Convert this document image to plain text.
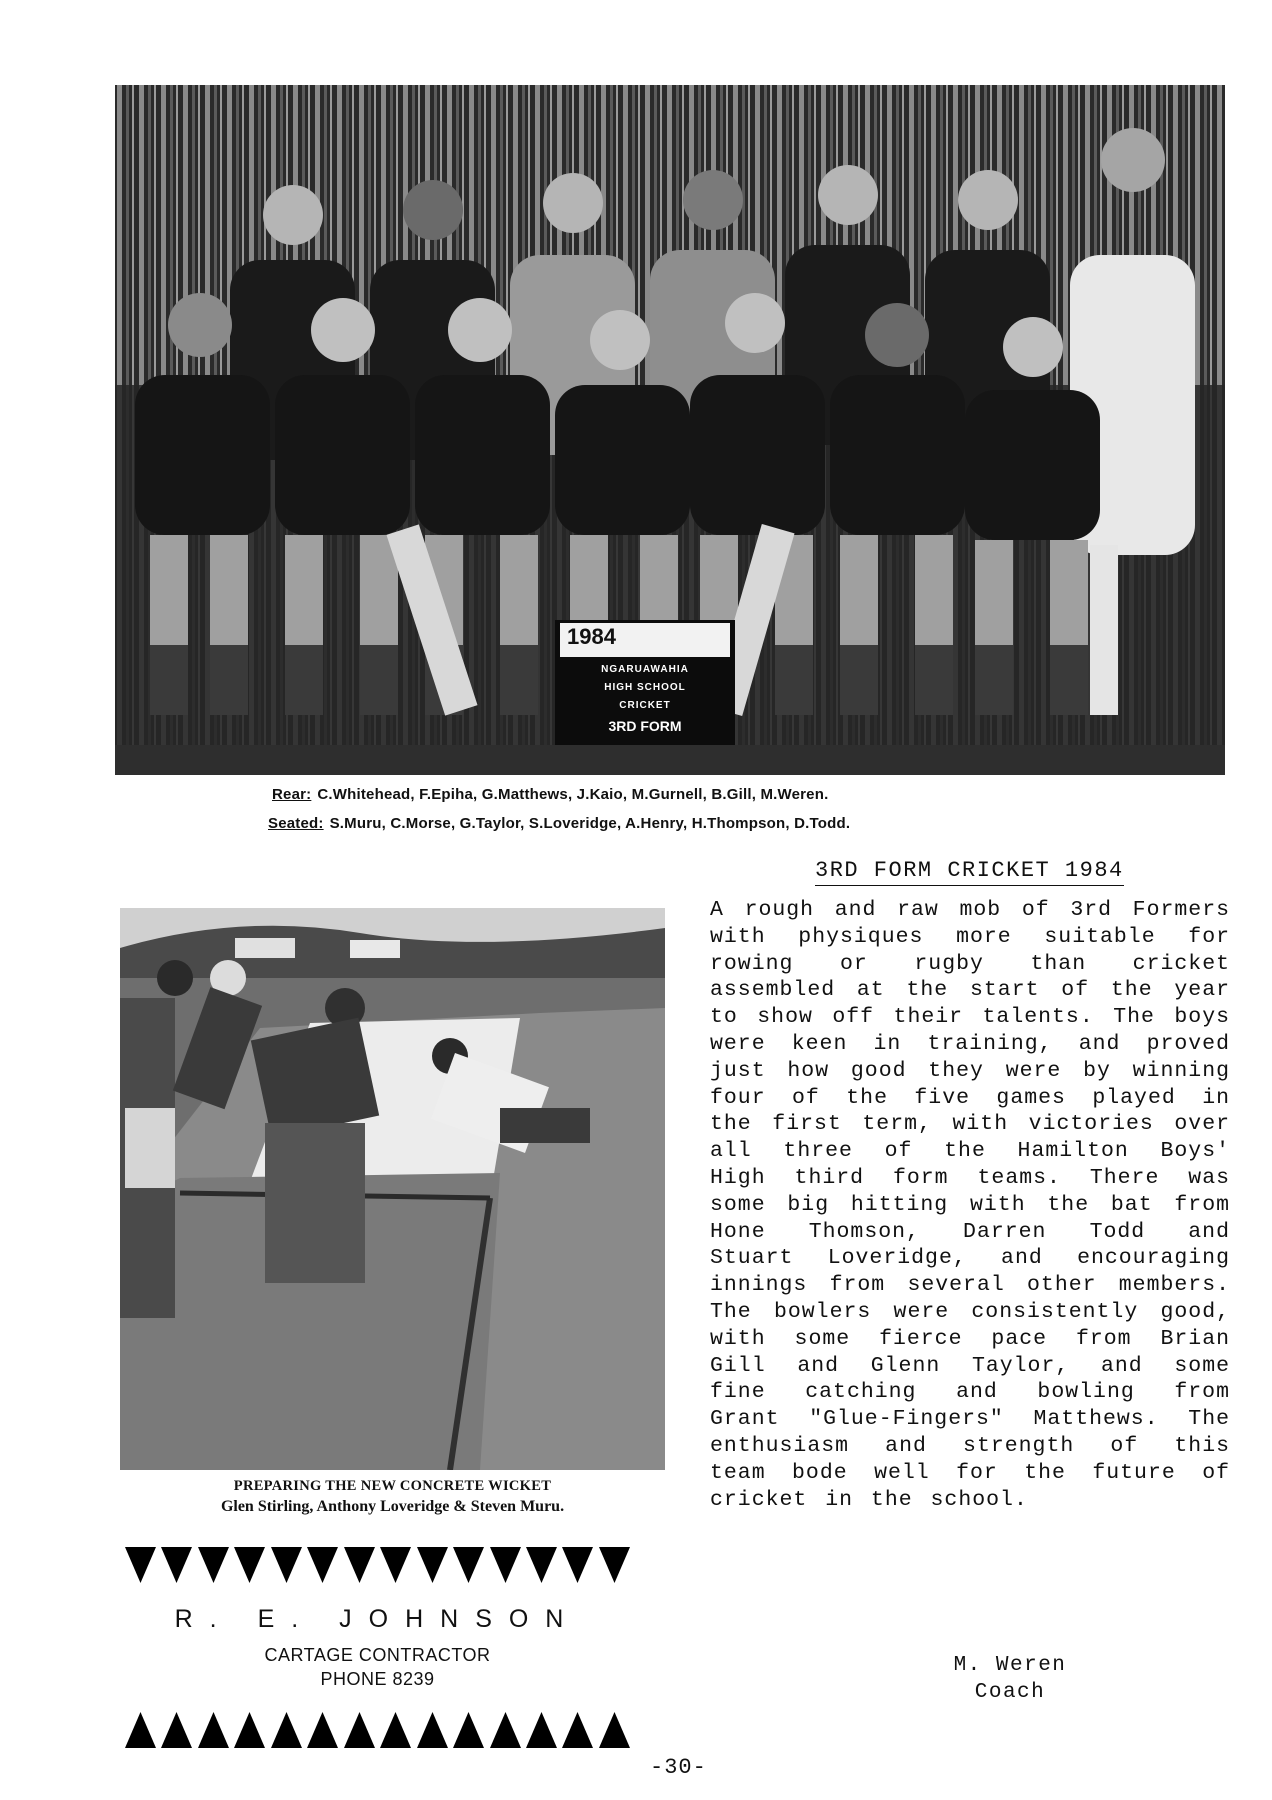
1984
NGARUAWAHIA
HIGH SCHOOL
CRICKET
3RD FORM
Rear: C.Whitehead, F.Epiha, G.Matthews, J.Kaio, M.Gurnell, B.Gill, M.Weren.
Seated: S.Muru, C.Morse, G.Taylor, S.Loveridge, A.Henry, H.Thompson, D.Todd.
3RD FORM CRICKET 1984
A rough and raw mob of 3rd Formers with physiques more suitable for rowing or rugby than cricket assembled at the start of the year to show off their talents. The boys were keen in training, and proved just how good they were by winning four of the five games played in the first term, with victories over all three of the Hamilton Boys' High third form teams. There was some big hitting with the bat from Hone Thomson, Darren Todd and Stuart Loveridge, and encouraging innings from several other members. The bowlers were consistently good, with some fierce pace from Brian Gill and Glenn Taylor, and some fine catching and bowling from Grant "Glue-Fingers" Matthews. The enthusiasm and strength of this team bode well for the future of cricket in the school.
M. Weren
Coach
PREPARING THE NEW CONCRETE WICKET
Glen Stirling, Anthony Loveridge & Steven Muru.
R. E. JOHNSON
CARTAGE CONTRACTOR
PHONE 8239
-30-
